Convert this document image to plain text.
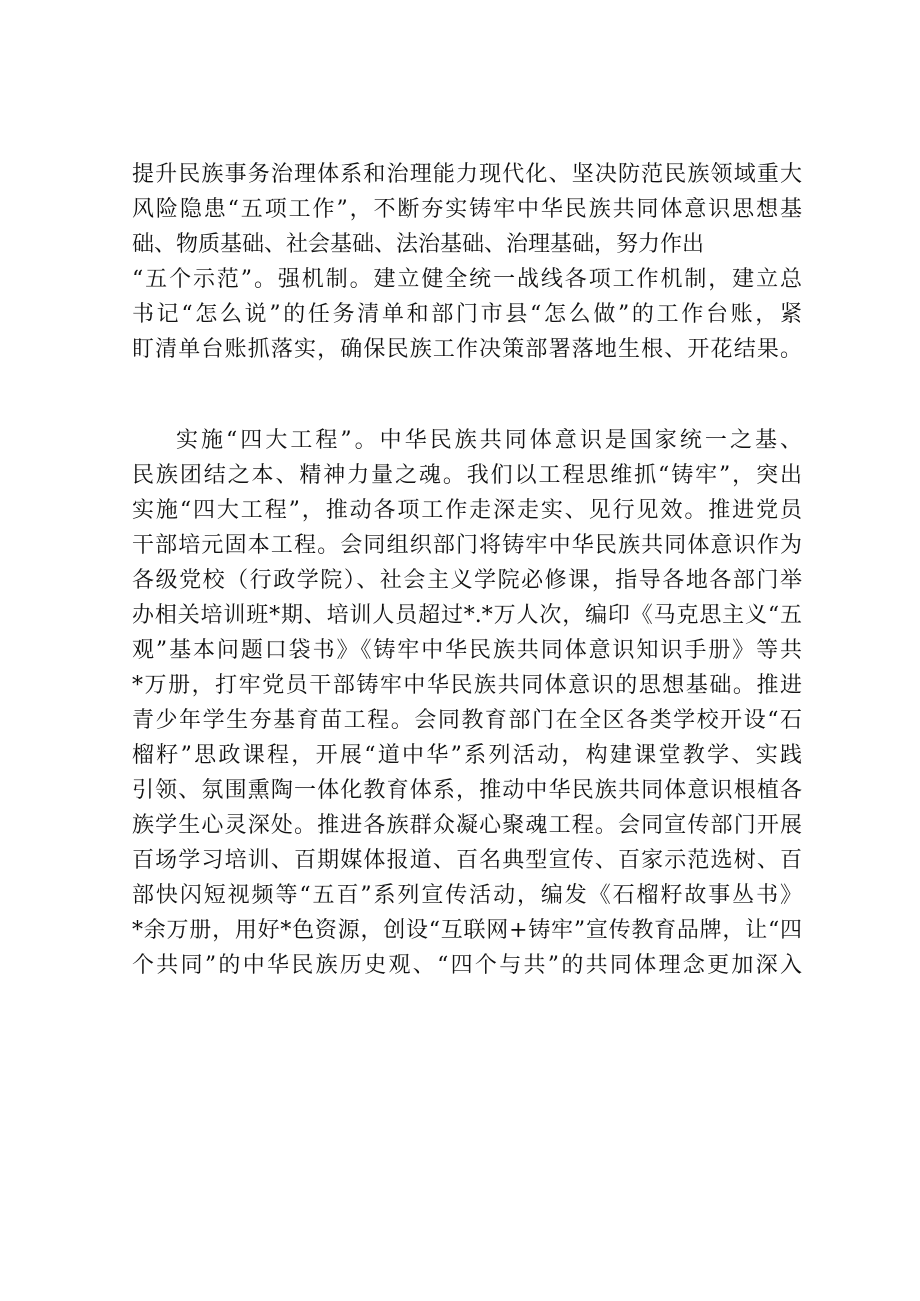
提升民族事务治理体系和治理能力现代化、坚决防范民族领域重大
风险隐患“五项工作”，不断夯实铸牢中华民族共同体意识思想基
础、物质基础、社会基础、法治基础、治理基础，努力作出
“五个示范”。强机制。建立健全统一战线各项工作机制，建立总
书记“怎么说”的任务清单和部门市县“怎么做”的工作台账，紧
盯清单台账抓落实，确保民族工作决策部署落地生根、开花结果。
实施“四大工程”。中华民族共同体意识是国家统一之基、
民族团结之本、精神力量之魂。我们以工程思维抓“铸牢”，突出
实施“四大工程”，推动各项工作走深走实、见行见效。推进党员
干部培元固本工程。会同组织部门将铸牢中华民族共同体意识作为
各级党校（行政学院）、社会主义学院必修课，指导各地各部门举
办相关培训班*期、培训人员超过*.*万人次，编印《马克思主义“五
观”基本问题口袋书》《铸牢中华民族共同体意识知识手册》等共
*万册，打牢党员干部铸牢中华民族共同体意识的思想基础。推进
青少年学生夯基育苗工程。会同教育部门在全区各类学校开设“石
榴籽”思政课程，开展“道中华”系列活动，构建课堂教学、实践
引领、氛围熏陶一体化教育体系，推动中华民族共同体意识根植各
族学生心灵深处。推进各族群众凝心聚魂工程。会同宣传部门开展
百场学习培训、百期媒体报道、百名典型宣传、百家示范选树、百
部快闪短视频等“五百”系列宣传活动，编发《石榴籽故事丛书》
*余万册，用好*色资源，创设“互联网+铸牢”宣传教育品牌，让“四
个共同”的中华民族历史观、“四个与共”的共同体理念更加深入
